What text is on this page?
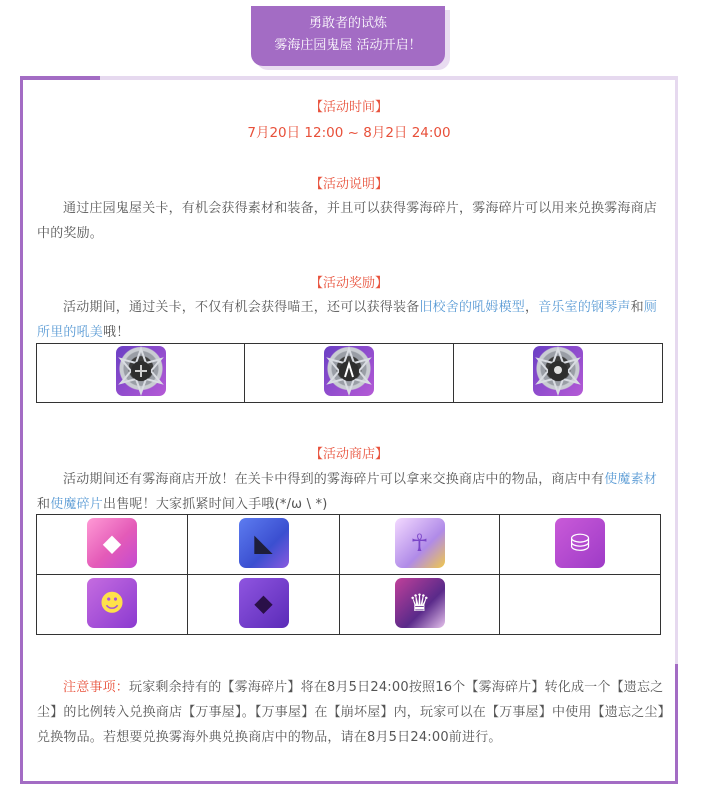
勇敢者的试炼
雾海庄园鬼屋 活动开启！
【活动时间】
7月20日 12:00 ~ 8月2日 24:00
【活动说明】
通过庄园鬼屋关卡，有机会获得素材和装备，并且可以获得雾海碎片，雾海碎片可以用来兑换雾海商店中的奖励。
【活动奖励】
活动期间，通过关卡，不仅有机会获得喵王，还可以获得装备旧校舍的吼姆模型，音乐室的钢琴声和厕所里的吼美哦！

【活动商店】
活动期间还有雾海商店开放！在关卡中得到的雾海碎片可以拿来交换商店中的物品，商店中有使魔素材和使魔碎片出售呢！大家抓紧时间入手哦(*/ω \ *)
◆	◣	☥	⛁

☻	◆	♛	

注意事项：玩家剩余持有的【雾海碎片】将在8月5日24:00按照16个【雾海碎片】转化成一个【遗忘之尘】的比例转入兑换商店【万事屋】。【万事屋】在【崩坏屋】内，玩家可以在【万事屋】中使用【遗忘之尘】兑换物品。若想要兑换雾海外典兑换商店中的物品，请在8月5日24:00前进行。
